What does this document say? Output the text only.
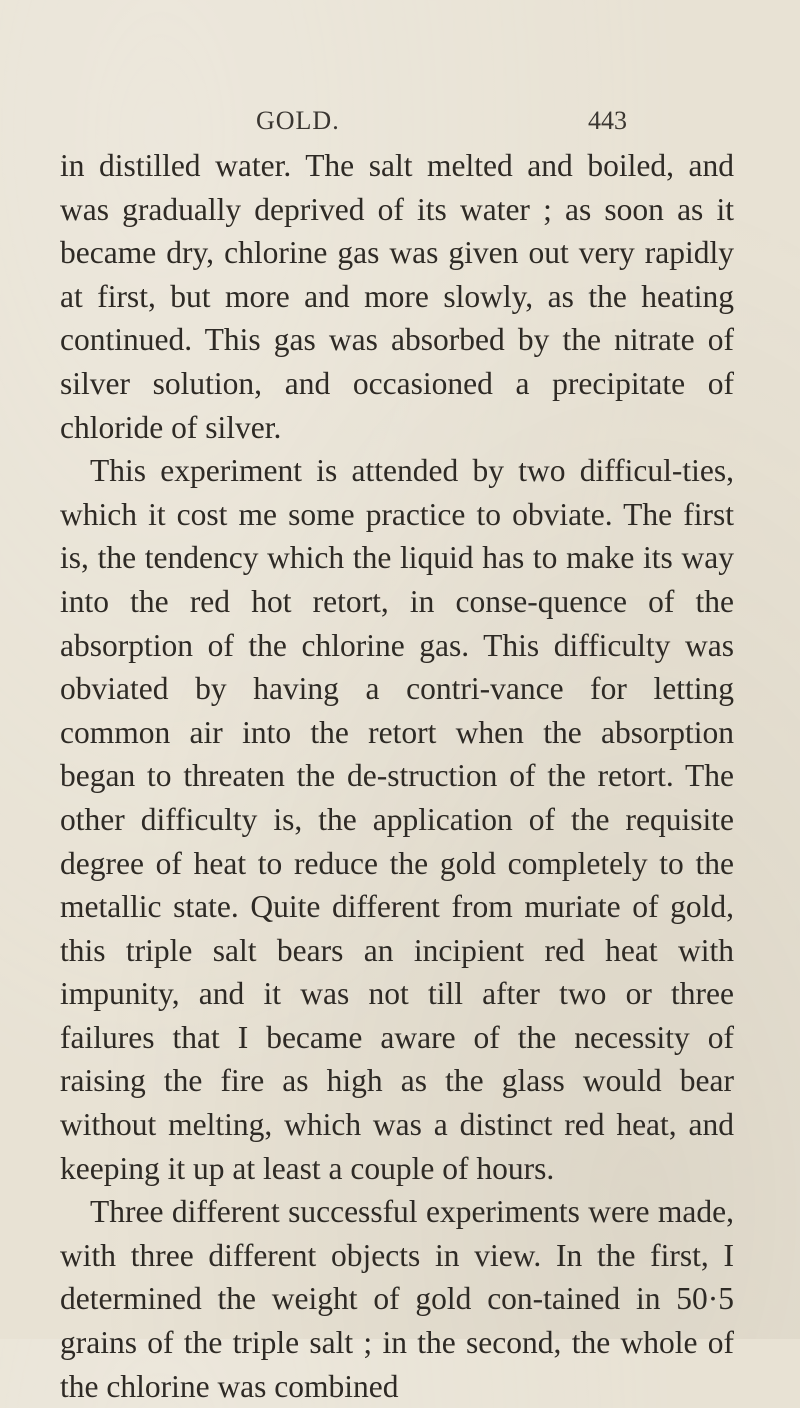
GOLD.	443

in distilled water. The salt melted and boiled, and was gradually deprived of its water ; as soon as it became dry, chlorine gas was given out very rapidly at first, but more and more slowly, as the heating continued. This gas was absorbed by the nitrate of silver solution, and occasioned a precipitate of chloride of silver.

This experiment is attended by two difficul-ties, which it cost me some practice to obviate. The first is, the tendency which the liquid has to make its way into the red hot retort, in conse-quence of the absorption of the chlorine gas. This difficulty was obviated by having a contri-vance for letting common air into the retort when the absorption began to threaten the de-struction of the retort. The other difficulty is, the application of the requisite degree of heat to reduce the gold completely to the metallic state. Quite different from muriate of gold, this triple salt bears an incipient red heat with impunity, and it was not till after two or three failures that I became aware of the necessity of raising the fire as high as the glass would bear without melting, which was a distinct red heat, and keeping it up at least a couple of hours.

Three different successful experiments were made, with three different objects in view. In the first, I determined the weight of gold con-tained in 50·5 grains of the triple salt ; in the second, the whole of the chlorine was combined
